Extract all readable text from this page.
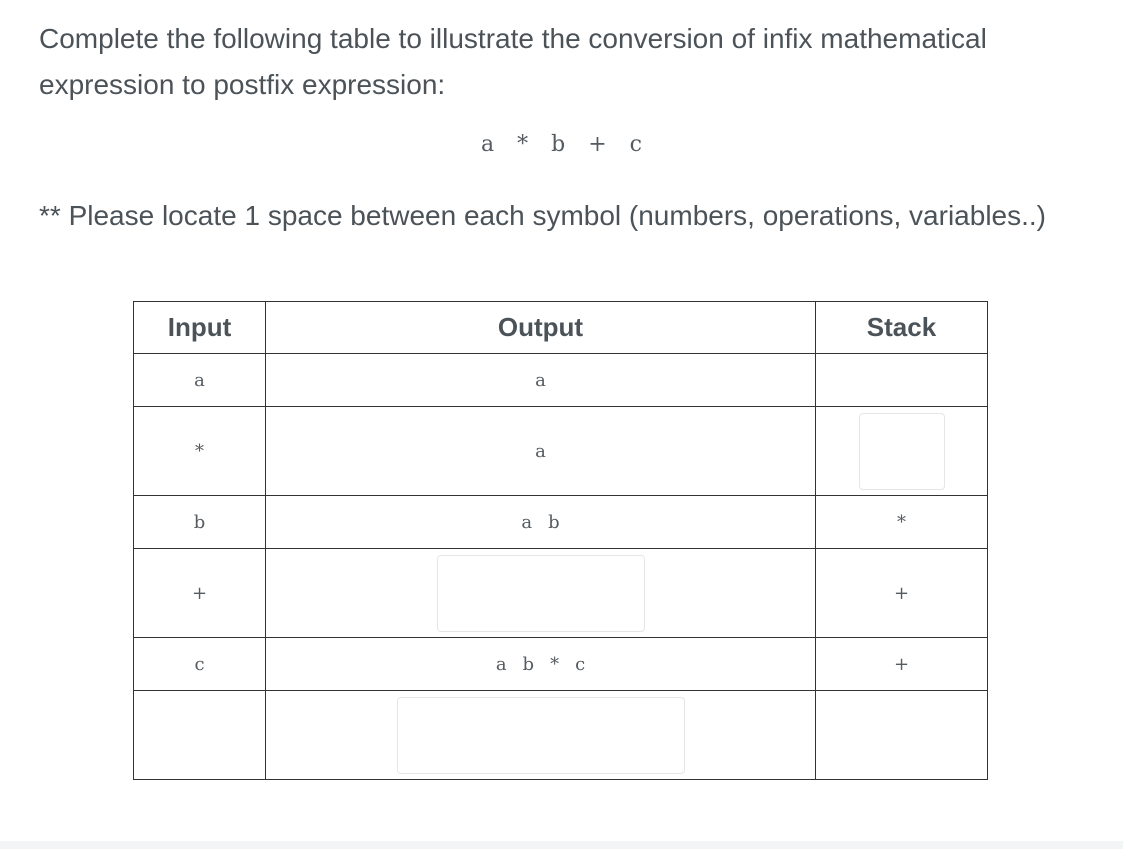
Complete the following table to illustrate the conversion of infix mathematical expression to postfix expression:

a * b + c

** Please locate 1 space between each symbol (numbers, operations, variables..)

Input	Output	Stack
a	a	
*	a	
b	a b	*
+		+
c	a b * c	+
